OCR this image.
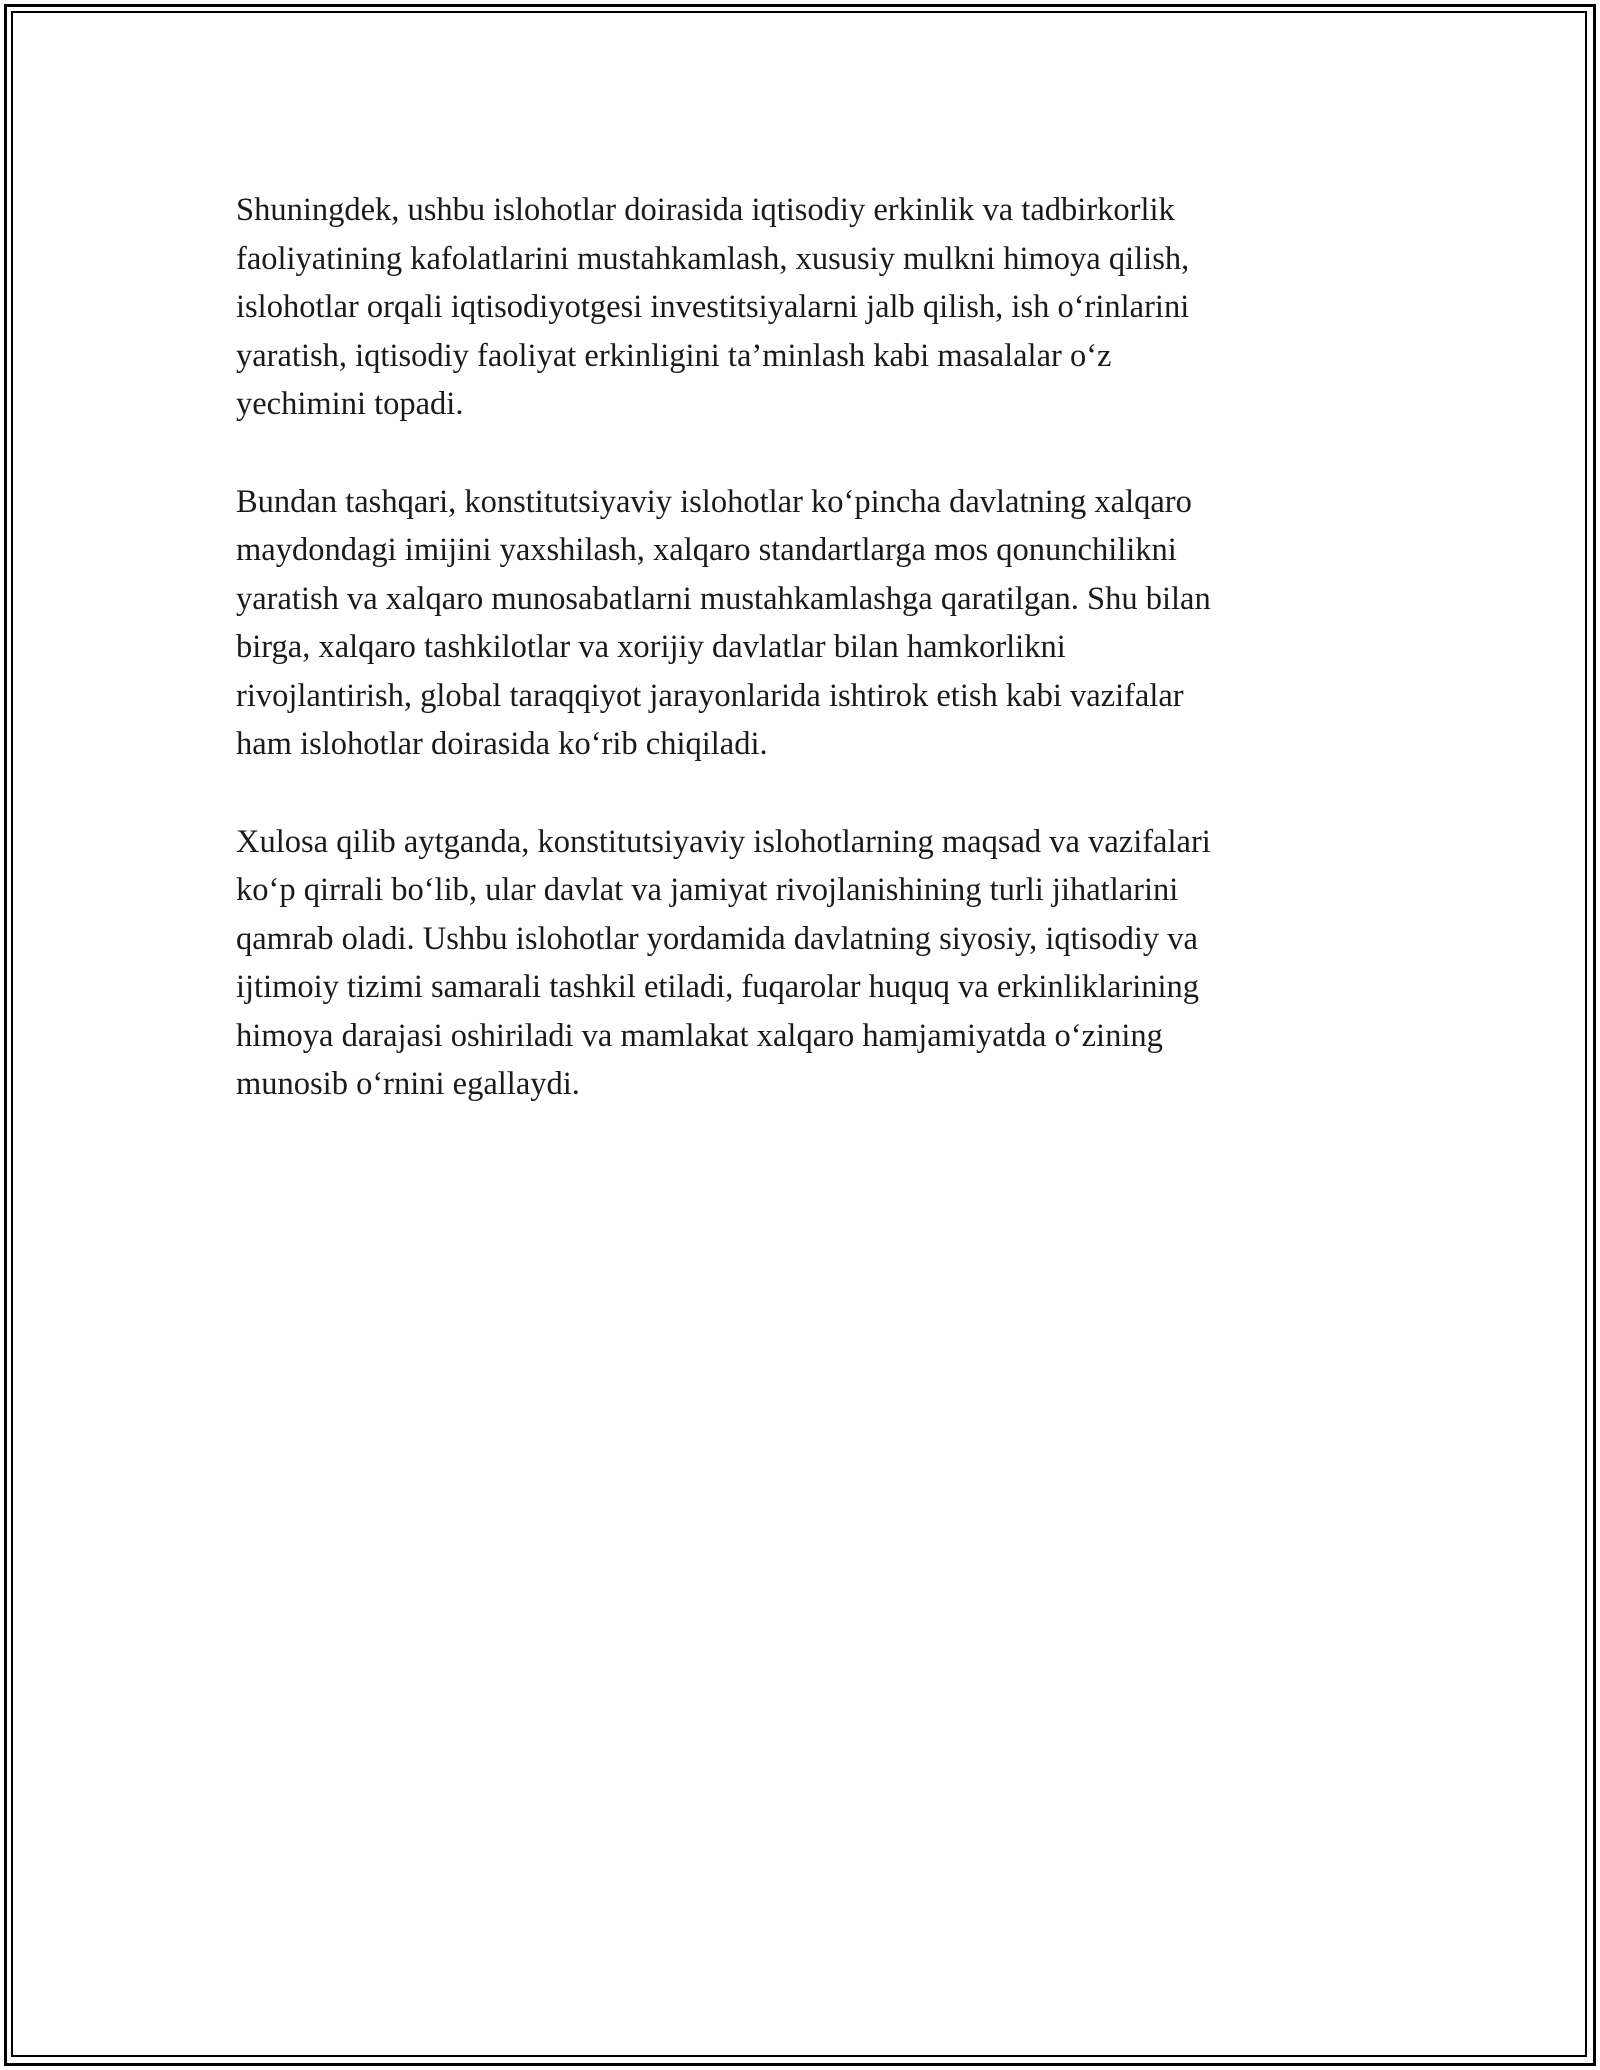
Shuningdek, ushbu islohotlar doirasida iqtisodiy erkinlik va tadbirkorlik
faoliyatining kafolatlarini mustahkamlash, xususiy mulkni himoya qilish,
islohotlar orqali iqtisodiyotgesi investitsiyalarni jalb qilish, ish o‘rinlarini
yaratish, iqtisodiy faoliyat erkinligini ta’minlash kabi masalalar o‘z
yechimini topadi.

Bundan tashqari, konstitutsiyaviy islohotlar ko‘pincha davlatning xalqaro
maydondagi imijini yaxshilash, xalqaro standartlarga mos qonunchilikni
yaratish va xalqaro munosabatlarni mustahkamlashga qaratilgan. Shu bilan
birga, xalqaro tashkilotlar va xorijiy davlatlar bilan hamkorlikni
rivojlantirish, global taraqqiyot jarayonlarida ishtirok etish kabi vazifalar
ham islohotlar doirasida ko‘rib chiqiladi.

Xulosa qilib aytganda, konstitutsiyaviy islohotlarning maqsad va vazifalari
ko‘p qirrali bo‘lib, ular davlat va jamiyat rivojlanishining turli jihatlarini
qamrab oladi. Ushbu islohotlar yordamida davlatning siyosiy, iqtisodiy va
ijtimoiy tizimi samarali tashkil etiladi, fuqarolar huquq va erkinliklarining
himoya darajasi oshiriladi va mamlakat xalqaro hamjamiyatda o‘zining
munosib o‘rnini egallaydi.
